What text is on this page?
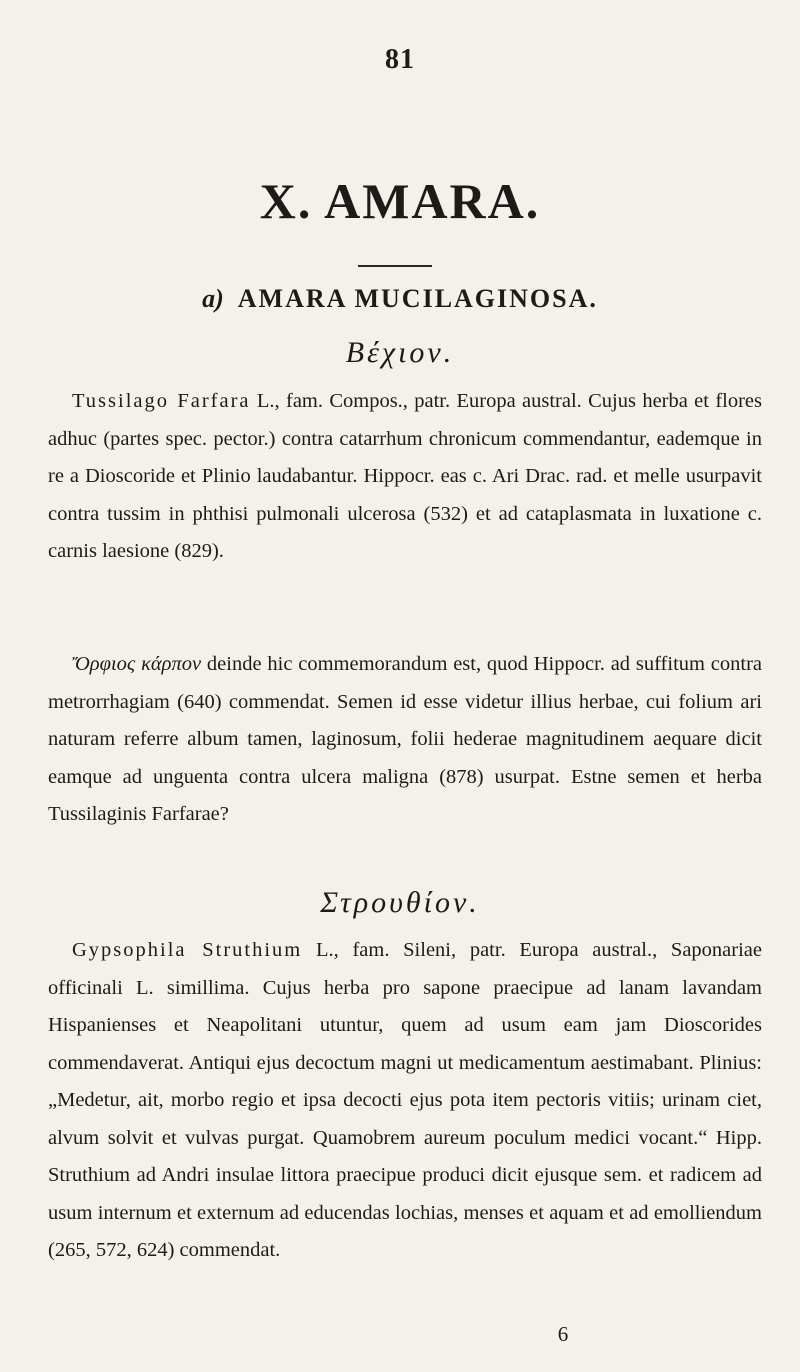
81
X. AMARA.
a) AMARA MUCILAGINOSA.
Βέχιον.

Tussilago Farfara L., fam. Compos., patr. Europa austral. Cujus herba et flores adhuc (partes spec. pector.) contra catarrhum chronicum commendantur, eademque in re a Dioscoride et Plinio laudabantur. Hippocr. eas c. Ari Drac. rad. et melle usurpavit contra tussim in phthisi pulmonali ulcerosa (532) et ad cataplasmata in luxatione c. carnis laesione (829).

Ὄρφιος κάρπον deinde hic commemorandum est, quod Hippocr. ad suffitum contra metrorrhagiam (640) commendat. Semen id esse videtur illius herbae, cui folium ari naturam referre album tamen, laginosum, folii hederae magnitudinem aequare dicit eamque ad unguenta contra ulcera maligna (878) usurpat. Estne semen et herba Tussilaginis Farfarae?

Στρουθίον.

Gypsophila Struthium L., fam. Sileni, patr. Europa austral., Saponariae officinali L. simillima. Cujus herba pro sapone praecipue ad lanam lavandam Hispanienses et Neapolitani utuntur, quem ad usum eam jam Dioscorides commendaverat. Antiqui ejus decoctum magni ut medicamentum aestimabant. Plinius: „Medetur, ait, morbo regio et ipsa decocti ejus pota item pectoris vitiis; urinam ciet, alvum solvit et vulvas purgat. Quamobrem aureum poculum medici vocant.“ Hipp. Struthium ad Andri insulae littora praecipue produci dicit ejusque sem. et radicem ad usum internum et externum ad educendas lochias, menses et aquam et ad emolliendum (265, 572, 624) commendat.

6
